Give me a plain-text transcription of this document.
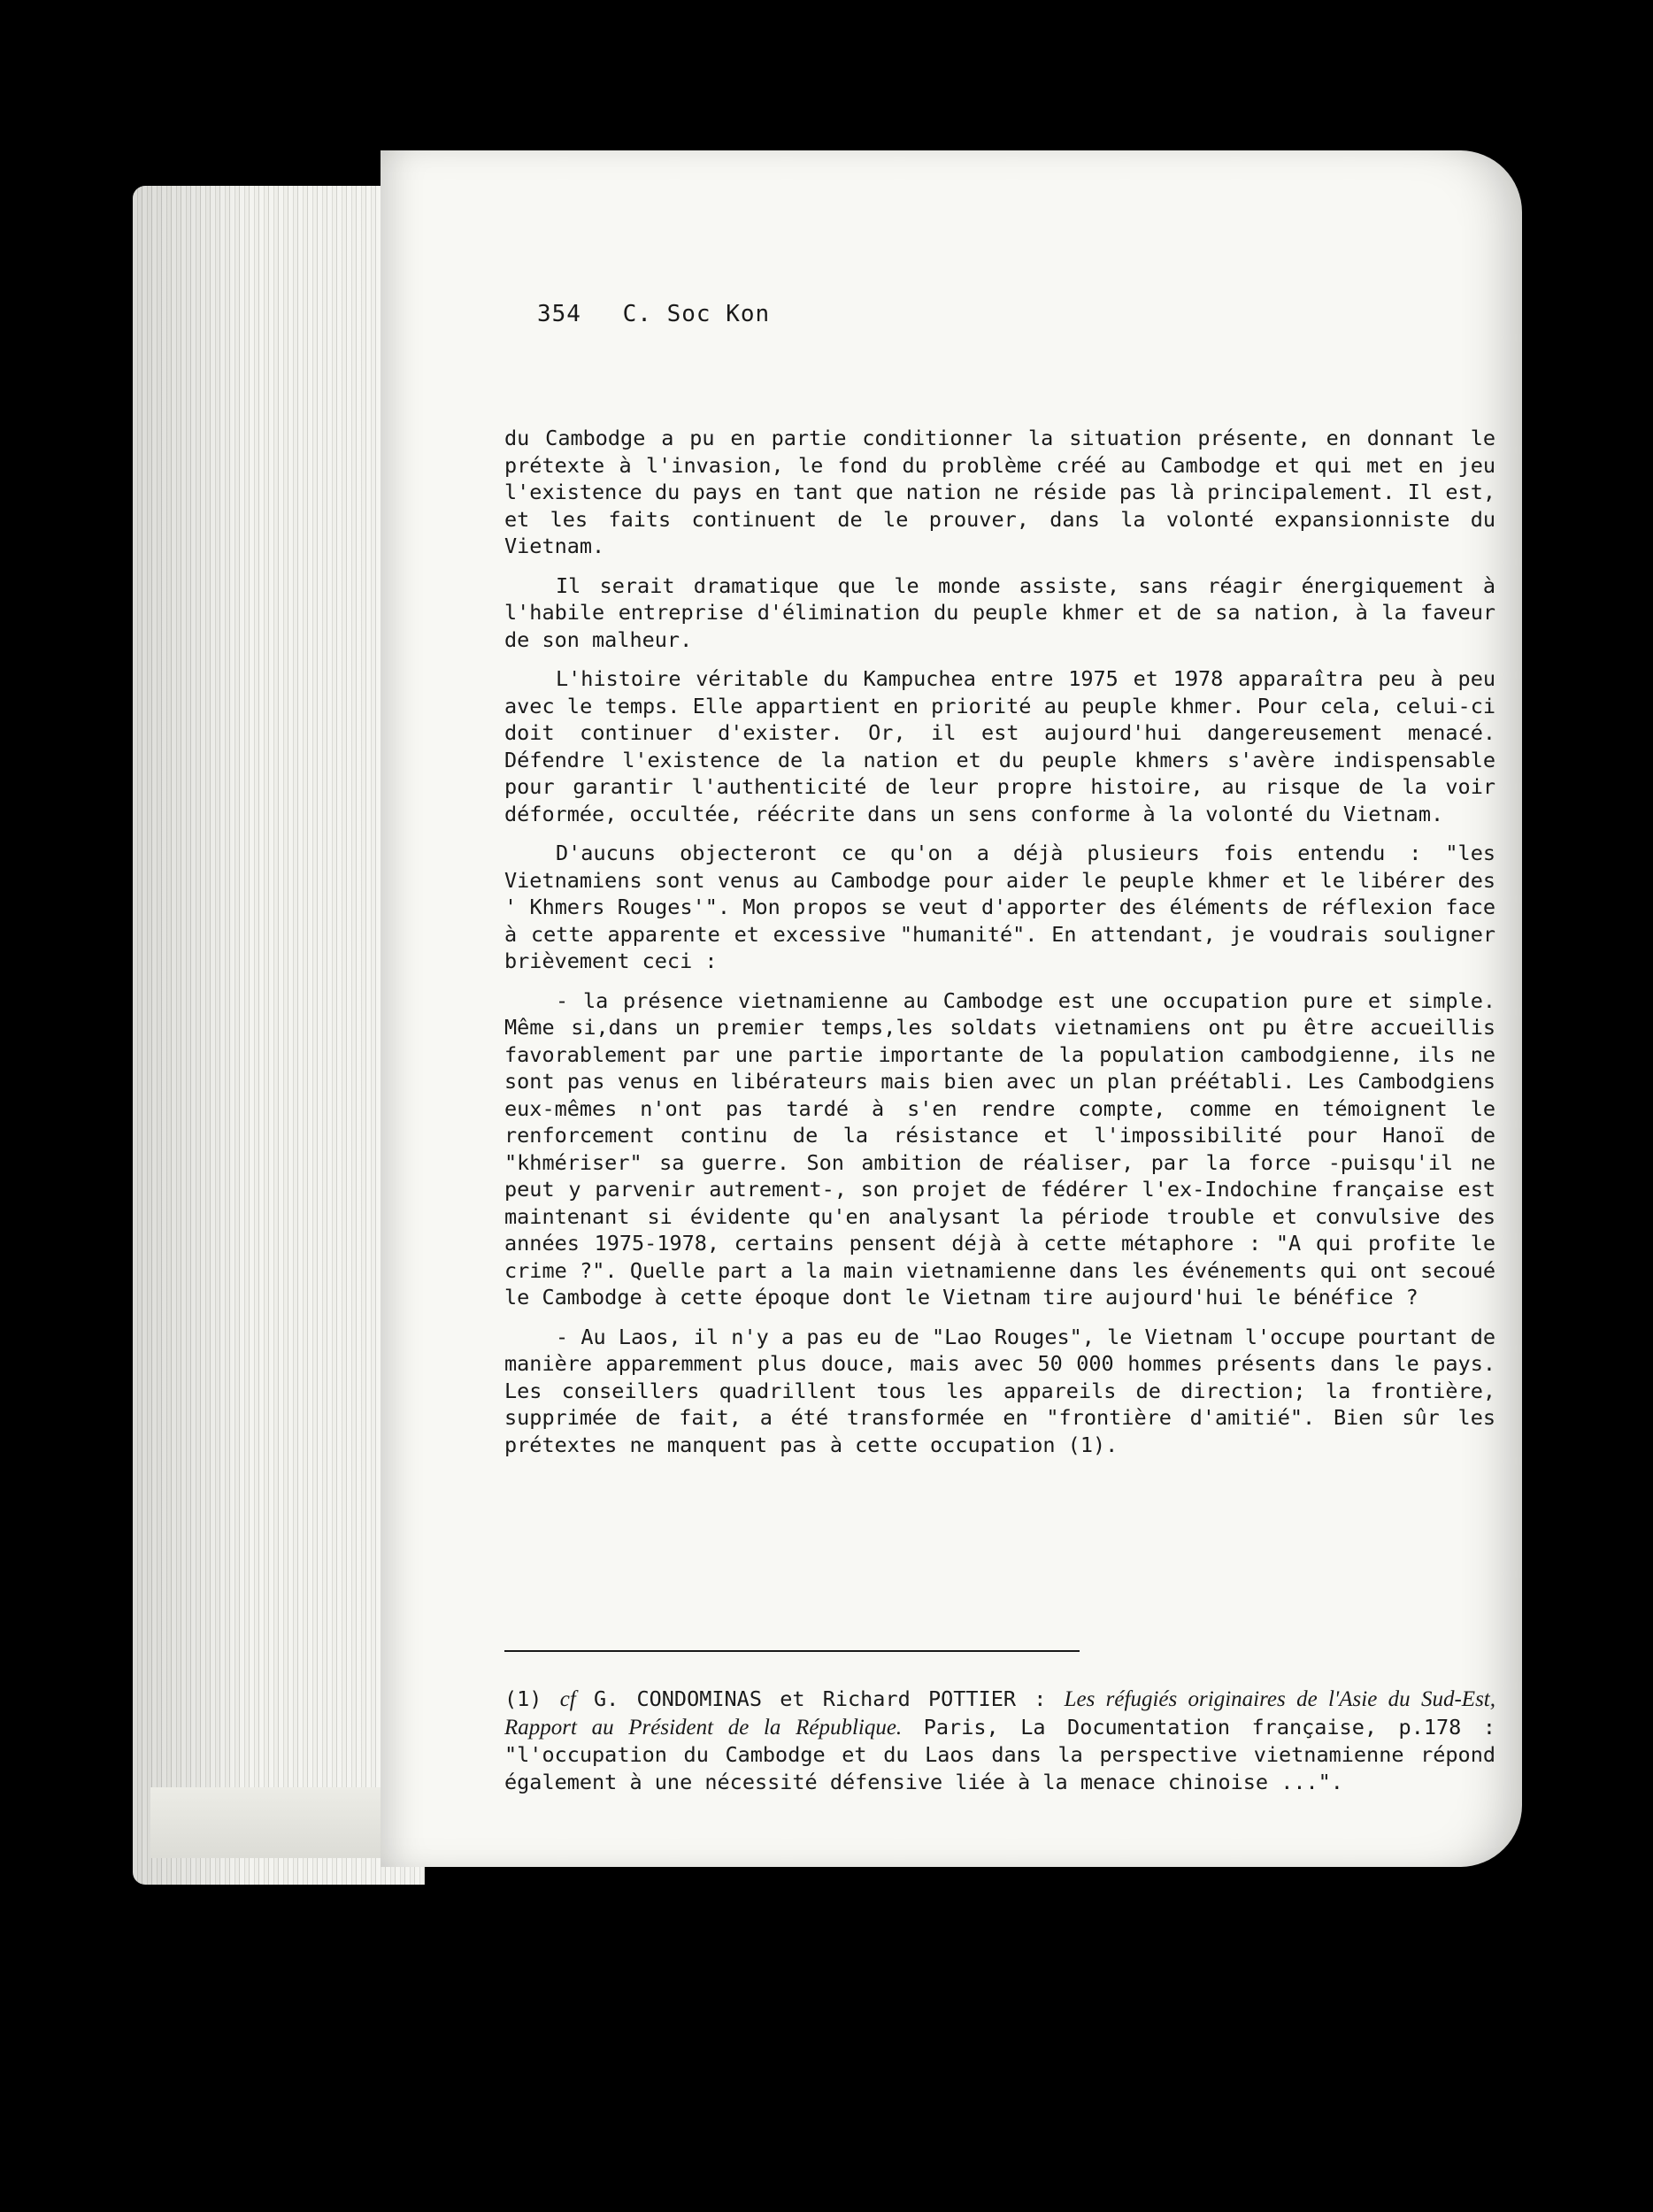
354 C. Soc Kon

du Cambodge a pu en partie conditionner la situation présente, en donnant le prétexte à l'invasion, le fond du problème créé au Cambodge et qui met en jeu l'existence du pays en tant que nation ne réside pas là principalement. Il est, et les faits continuent de le prouver, dans la volonté expansionniste du Vietnam.

Il serait dramatique que le monde assiste, sans réagir énergiquement à l'habile entreprise d'élimination du peuple khmer et de sa nation, à la faveur de son malheur.

L'histoire véritable du Kampuchea entre 1975 et 1978 apparaîtra peu à peu avec le temps. Elle appartient en priorité au peuple khmer. Pour cela, celui-ci doit continuer d'exister. Or, il est aujourd'hui dangereusement menacé. Défendre l'existence de la nation et du peuple khmers s'avère indispensable pour garantir l'authenticité de leur propre histoire, au risque de la voir déformée, occultée, réécrite dans un sens conforme à la volonté du Vietnam.

D'aucuns objecteront ce qu'on a déjà plusieurs fois entendu : "les Vietnamiens sont venus au Cambodge pour aider le peuple khmer et le libérer des ' Khmers Rouges'". Mon propos se veut d'apporter des éléments de réflexion face à cette apparente et excessive "humanité". En attendant, je voudrais souligner brièvement ceci :

- la présence vietnamienne au Cambodge est une occupation pure et simple. Même si,dans un premier temps,les soldats vietnamiens ont pu être accueillis favorablement par une partie importante de la population cambodgienne, ils ne sont pas venus en libérateurs mais bien avec un plan préétabli. Les Cambodgiens eux-mêmes n'ont pas tardé à s'en rendre compte, comme en témoignent le renforcement continu de la résistance et l'impossibilité pour Hanoï de "khmériser" sa guerre. Son ambition de réaliser, par la force -puisqu'il ne peut y parvenir autrement-, son projet de fédérer l'ex-Indochine française est maintenant si évidente qu'en analysant la période trouble et convulsive des années 1975-1978, certains pensent déjà à cette métaphore : "A qui profite le crime ?". Quelle part a la main vietnamienne dans les événements qui ont secoué le Cambodge à cette époque dont le Vietnam tire aujourd'hui le bénéfice ?

- Au Laos, il n'y a pas eu de "Lao Rouges", le Vietnam l'occupe pourtant de manière apparemment plus douce, mais avec 50 000 hommes présents dans le pays. Les conseillers quadrillent tous les appareils de direction; la frontière, supprimée de fait, a été transformée en "frontière d'amitié". Bien sûr les prétextes ne manquent pas à cette occupation (1).

(1) cf G. CONDOMINAS et Richard POTTIER : Les réfugiés originaires de l'Asie du Sud-Est, Rapport au Président de la République. Paris, La Documentation française, p.178 : "l'occupation du Cambodge et du Laos dans la perspective vietnamienne répond également à une nécessité défensive liée à la menace chinoise ...".
